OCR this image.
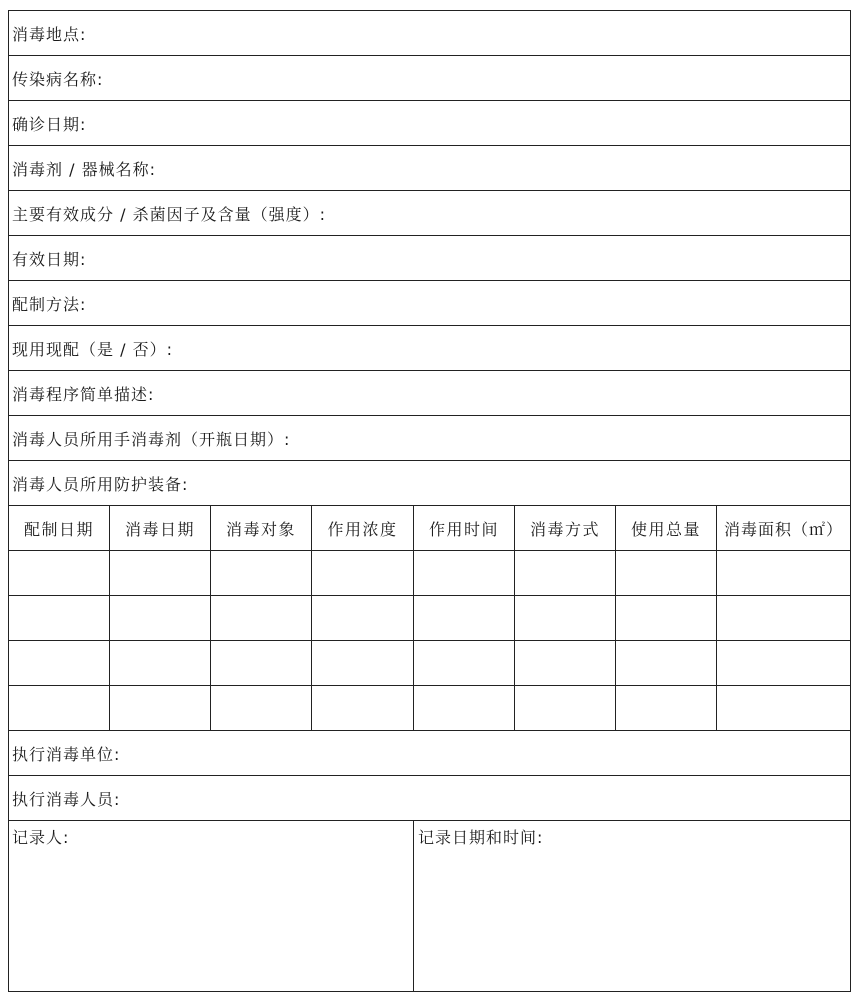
消毒地点:
传染病名称:
确诊日期:
消毒剂 / 器械名称:
主要有效成分 / 杀菌因子及含量（强度）:
有效日期:
配制方法:
现用现配（是 / 否）:
消毒程序简单描述:
消毒人员所用手消毒剂（开瓶日期）:
消毒人员所用防护装备:
配制日期	消毒日期	消毒对象	作用浓度	作用时间	消毒方式	使用总量	消毒面积（㎡）
执行消毒单位:
执行消毒人员:
记录人:	记录日期和时间:
